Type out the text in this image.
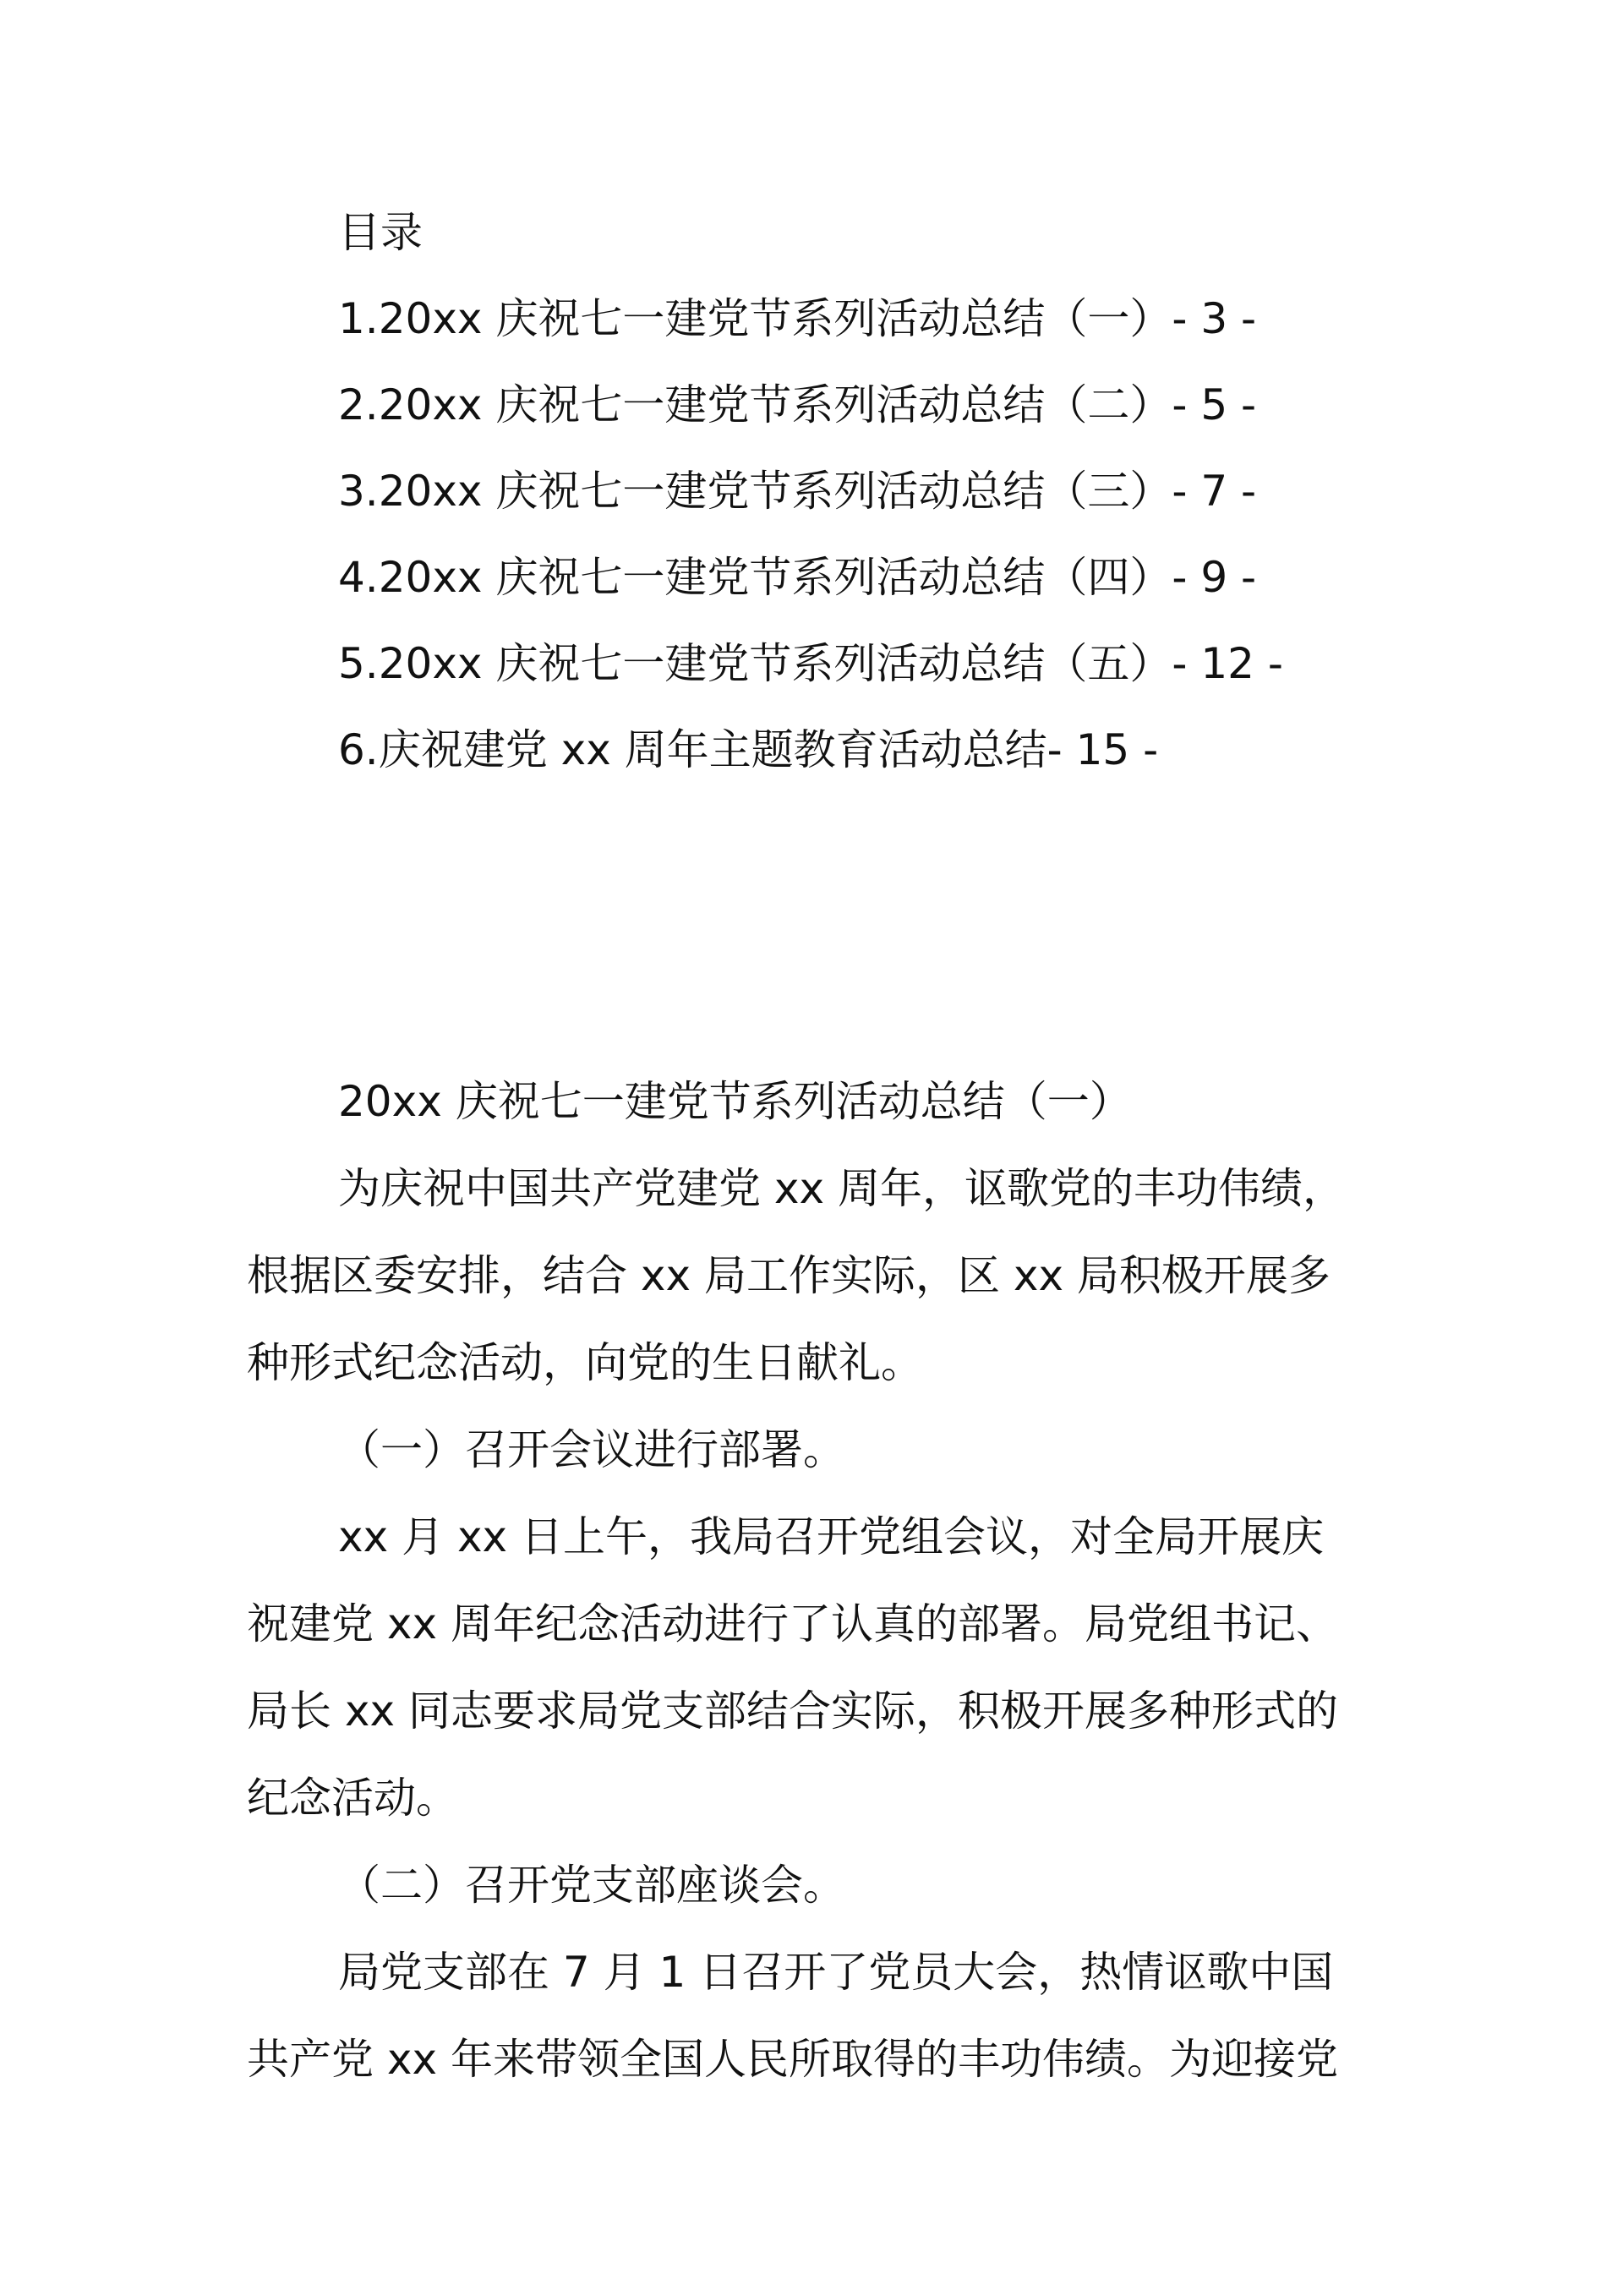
目录
1.20xx 庆祝七一建党节系列活动总结（一）- 3 -
2.20xx 庆祝七一建党节系列活动总结（二）- 5 -
3.20xx 庆祝七一建党节系列活动总结（三）- 7 -
4.20xx 庆祝七一建党节系列活动总结（四）- 9 -
5.20xx 庆祝七一建党节系列活动总结（五）- 12 -
6.庆祝建党 xx 周年主题教育活动总结- 15 -
20xx 庆祝七一建党节系列活动总结（一）
为庆祝中国共产党建党 xx 周年，讴歌党的丰功伟绩，
根据区委安排，结合 xx 局工作实际，区 xx 局积极开展多
种形式纪念活动，向党的生日献礼。
（一）召开会议进行部署。
xx 月 xx 日上午，我局召开党组会议，对全局开展庆
祝建党 xx 周年纪念活动进行了认真的部署。局党组书记、
局长 xx 同志要求局党支部结合实际，积极开展多种形式的
纪念活动。
（二）召开党支部座谈会。
局党支部在 7 月 1 日召开了党员大会，热情讴歌中国
共产党 xx 年来带领全国人民所取得的丰功伟绩。为迎接党
